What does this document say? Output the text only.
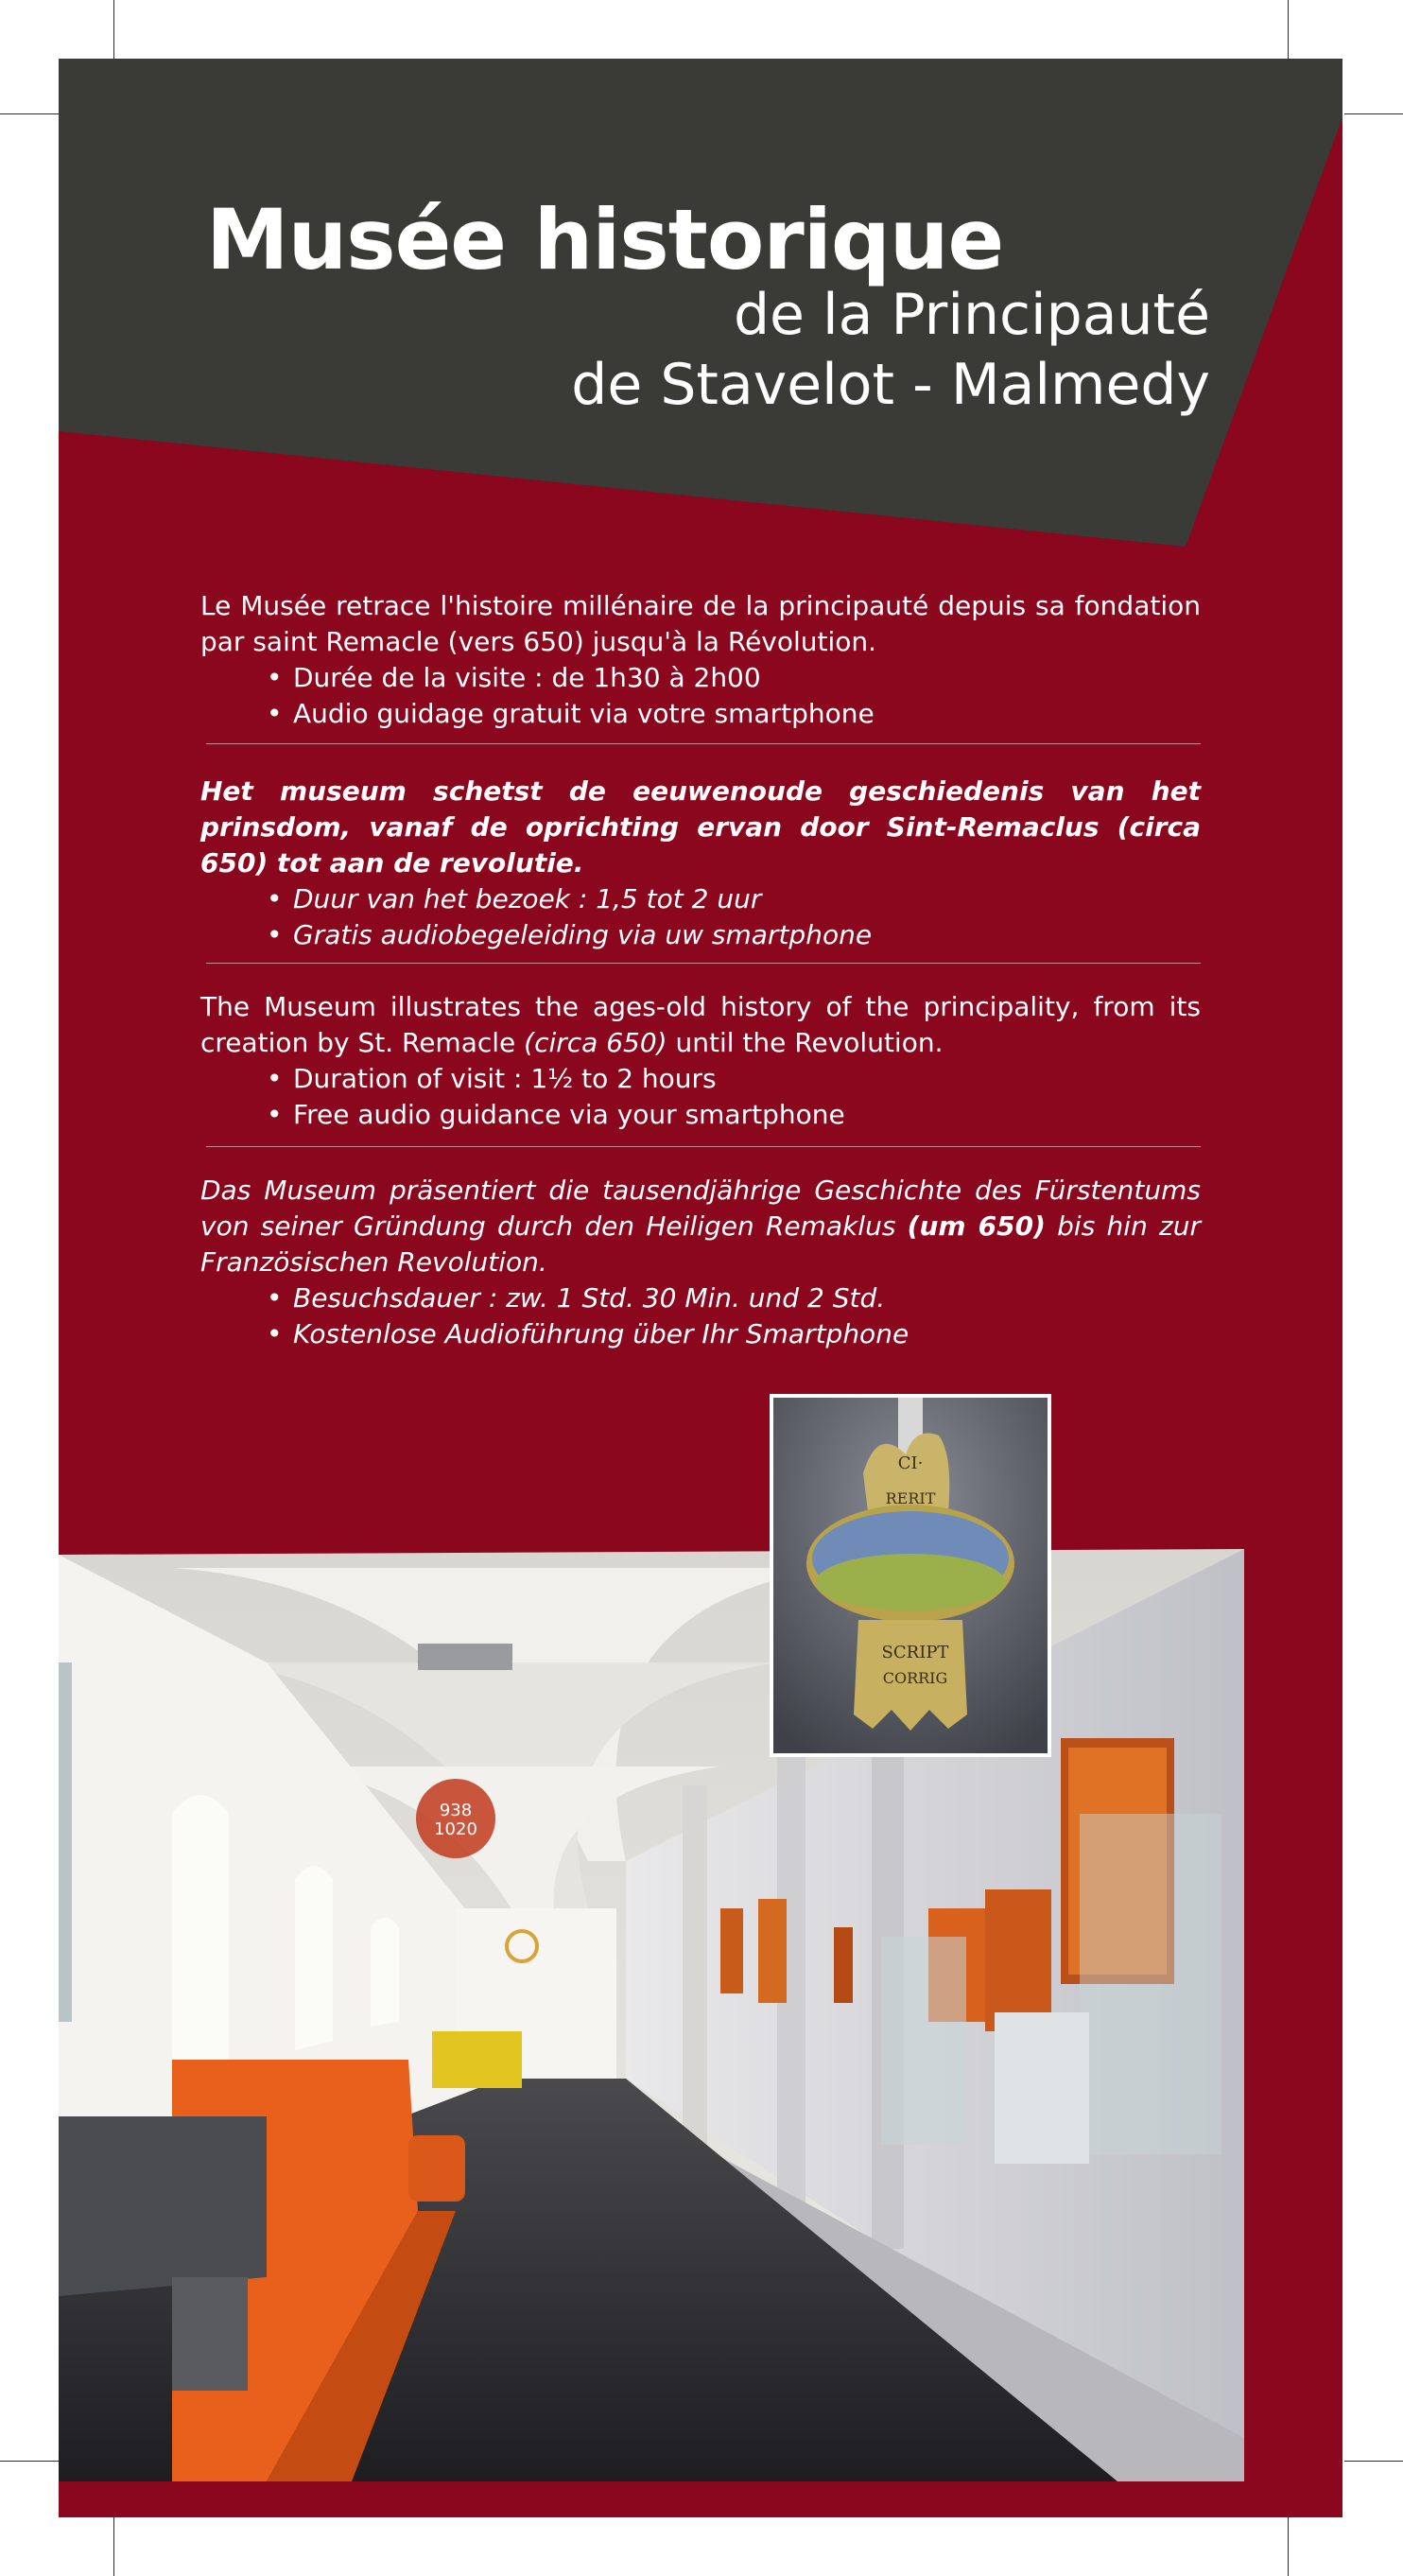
Musée historique
de la Principauté
de Stavelot - Malmedy

Le Musée retrace l'histoire millénaire de la principauté depuis sa fondation par saint Remacle (vers 650) jusqu'à la Révolution.

• Durée de la visite : de 1h30 à 2h00
• Audio guidage gratuit via votre smartphone

Het museum schetst de eeuwenoude geschiedenis van het prinsdom, vanaf de oprichting ervan door Sint-Remaclus (circa 650) tot aan de revolutie.

• Duur van het bezoek : 1,5 tot 2 uur
• Gratis audiobegeleiding via uw smartphone

The Museum illustrates the ages-old history of the principality, from its creation by St. Remacle (circa 650) until the Revolution.

• Duration of visit : 1½ to 2 hours
• Free audio guidance via your smartphone

Das Museum präsentiert die tausendjährige Geschichte des Fürstentums von seiner Gründung durch den Heiligen Remaklus (um 650) bis hin zur Französischen Revolution.

• Besuchsdauer : zw. 1 Std. 30 Min. und 2 Std.
• Kostenlose Audioführung über Ihr Smartphone
938
1020
CI·
RERIT
SCRIPT
CORRIG
